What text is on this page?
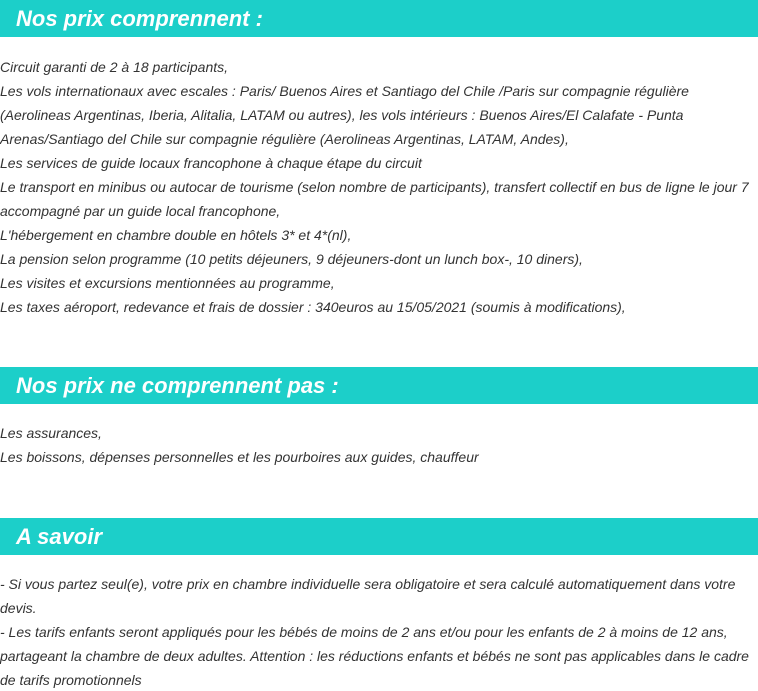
Nos prix comprennent :

Circuit garanti de 2 à 18 participants,

Les vols internationaux avec escales : Paris/ Buenos Aires et Santiago del Chile /Paris sur compagnie régulière (Aerolineas Argentinas, Iberia, Alitalia, LATAM ou autres), les vols intérieurs : Buenos Aires/El Calafate - Punta Arenas/Santiago del Chile sur compagnie régulière (Aerolineas Argentinas, LATAM, Andes),

Les services de guide locaux francophone à chaque étape du circuit

Le transport en minibus ou autocar de tourisme (selon nombre de participants), transfert collectif en bus de ligne le jour 7 accompagné par un guide local francophone,

L'hébergement en chambre double en hôtels 3* et 4*(nl),

La pension selon programme (10 petits déjeuners, 9 déjeuners-dont un lunch box-, 10 diners),

Les visites et excursions mentionnées au programme,

Les taxes aéroport, redevance et frais de dossier : 340euros au 15/05/2021 (soumis à modifications),

Nos prix ne comprennent pas :

Les assurances,

Les boissons, dépenses personnelles et les pourboires aux guides, chauffeur

A savoir

- Si vous partez seul(e), votre prix en chambre individuelle sera obligatoire et sera calculé automatiquement dans votre devis.

- Les tarifs enfants seront appliqués pour les bébés de moins de 2 ans et/ou pour les enfants de 2 à moins de 12 ans, partageant la chambre de deux adultes. Attention : les réductions enfants et bébés ne sont pas applicables dans le cadre de tarifs promotionnels
